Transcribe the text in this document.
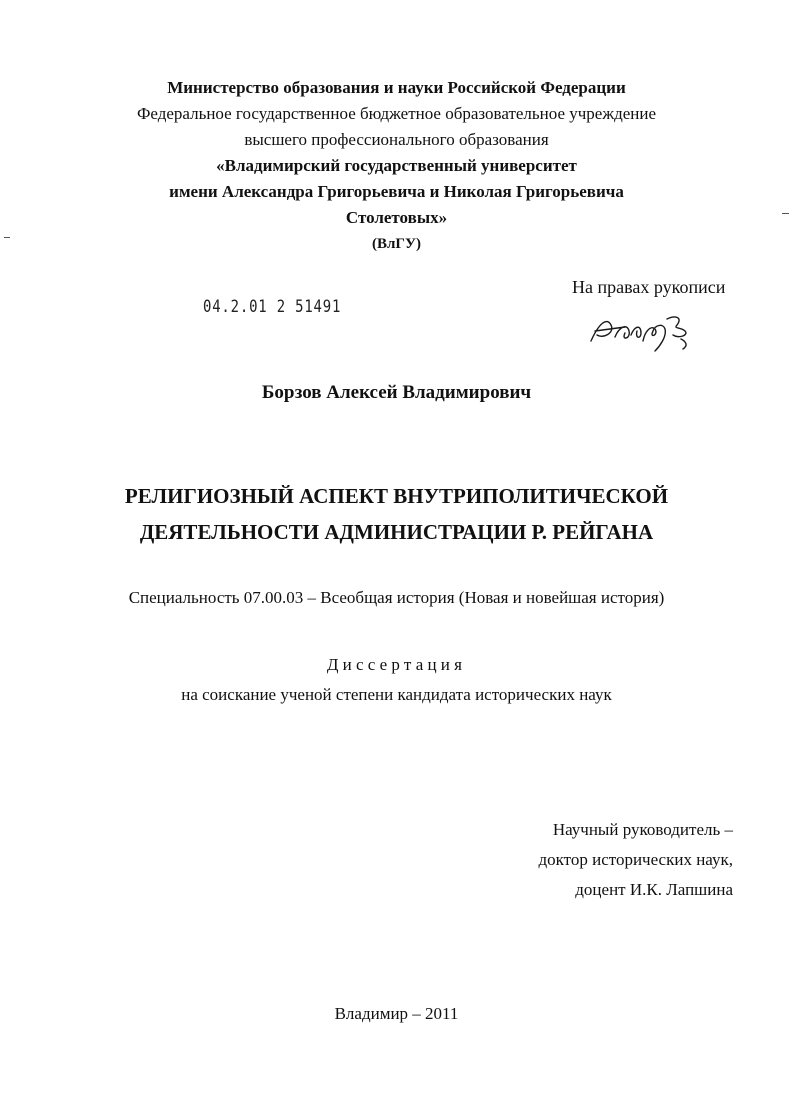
Министерство образования и науки Российской Федерации
Федеральное государственное бюджетное образовательное учреждение
высшего профессионального образования
«Владимирский государственный университет
имени Александра Григорьевича и Николая Григорьевича
Столетовых»
(ВлГУ)
04.2.01 2 51491
На правах рукописи
Борзов Алексей Владимирович
РЕЛИГИОЗНЫЙ АСПЕКТ ВНУТРИПОЛИТИЧЕСКОЙ
ДЕЯТЕЛЬНОСТИ АДМИНИСТРАЦИИ Р. РЕЙГАНА
Специальность 07.00.03 – Всеобщая история (Новая и новейшая история)
Диссертация
на соискание ученой степени кандидата исторических наук
Научный руководитель –
доктор исторических наук,
доцент И.К. Лапшина
Владимир – 2011
